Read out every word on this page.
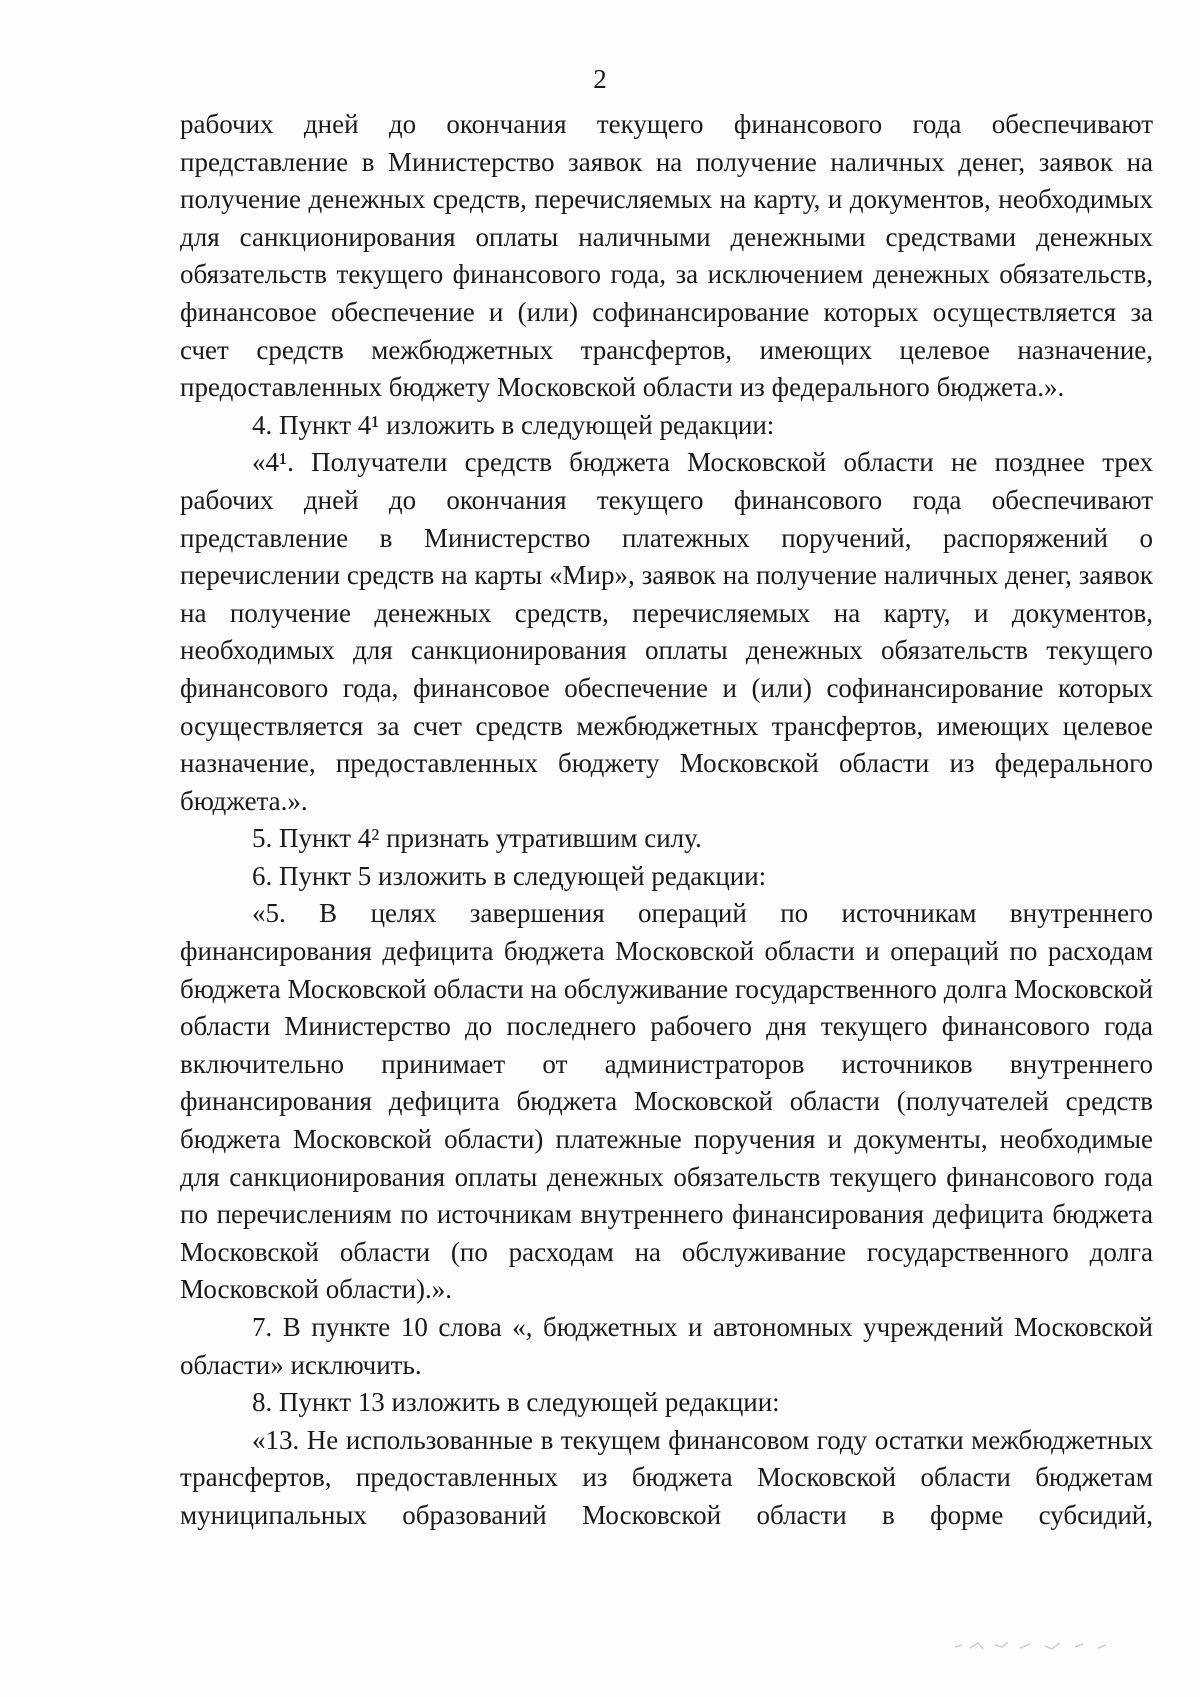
2

рабочих дней до окончания текущего финансового года обеспечивают представление в Министерство заявок на получение наличных денег, заявок на получение денежных средств, перечисляемых на карту, и документов, необходимых для санкционирования оплаты наличными денежными средствами денежных обязательств текущего финансового года, за исключением денежных обязательств, финансовое обеспечение и (или) софинансирование которых осуществляется за счет средств межбюджетных трансфертов, имеющих целевое назначение, предоставленных бюджету Московской области из федерального бюджета.».

4. Пункт 4¹ изложить в следующей редакции:

«4¹. Получатели средств бюджета Московской области не позднее трех рабочих дней до окончания текущего финансового года обеспечивают представление в Министерство платежных поручений, распоряжений о перечислении средств на карты «Мир», заявок на получение наличных денег, заявок на получение денежных средств, перечисляемых на карту, и документов, необходимых для санкционирования оплаты денежных обязательств текущего финансового года, финансовое обеспечение и (или) софинансирование которых осуществляется за счет средств межбюджетных трансфертов, имеющих целевое назначение, предоставленных бюджету Московской области из федерального бюджета.».

5. Пункт 4² признать утратившим силу.

6. Пункт 5 изложить в следующей редакции:

«5. В целях завершения операций по источникам внутреннего финансирования дефицита бюджета Московской области и операций по расходам бюджета Московской области на обслуживание государственного долга Московской области Министерство до последнего рабочего дня текущего финансового года включительно принимает от администраторов источников внутреннего финансирования дефицита бюджета Московской области (получателей средств бюджета Московской области) платежные поручения и документы, необходимые для санкционирования оплаты денежных обязательств текущего финансового года по перечислениям по источникам внутреннего финансирования дефицита бюджета Московской области (по расходам на обслуживание государственного долга Московской области).».

7. В пункте 10 слова «, бюджетных и автономных учреждений Московской области» исключить.

8. Пункт 13 изложить в следующей редакции:

«13. Не использованные в текущем финансовом году остатки межбюджетных трансфертов, предоставленных из бюджета Московской области бюджетам муниципальных образований Московской области в форме субсидий,
